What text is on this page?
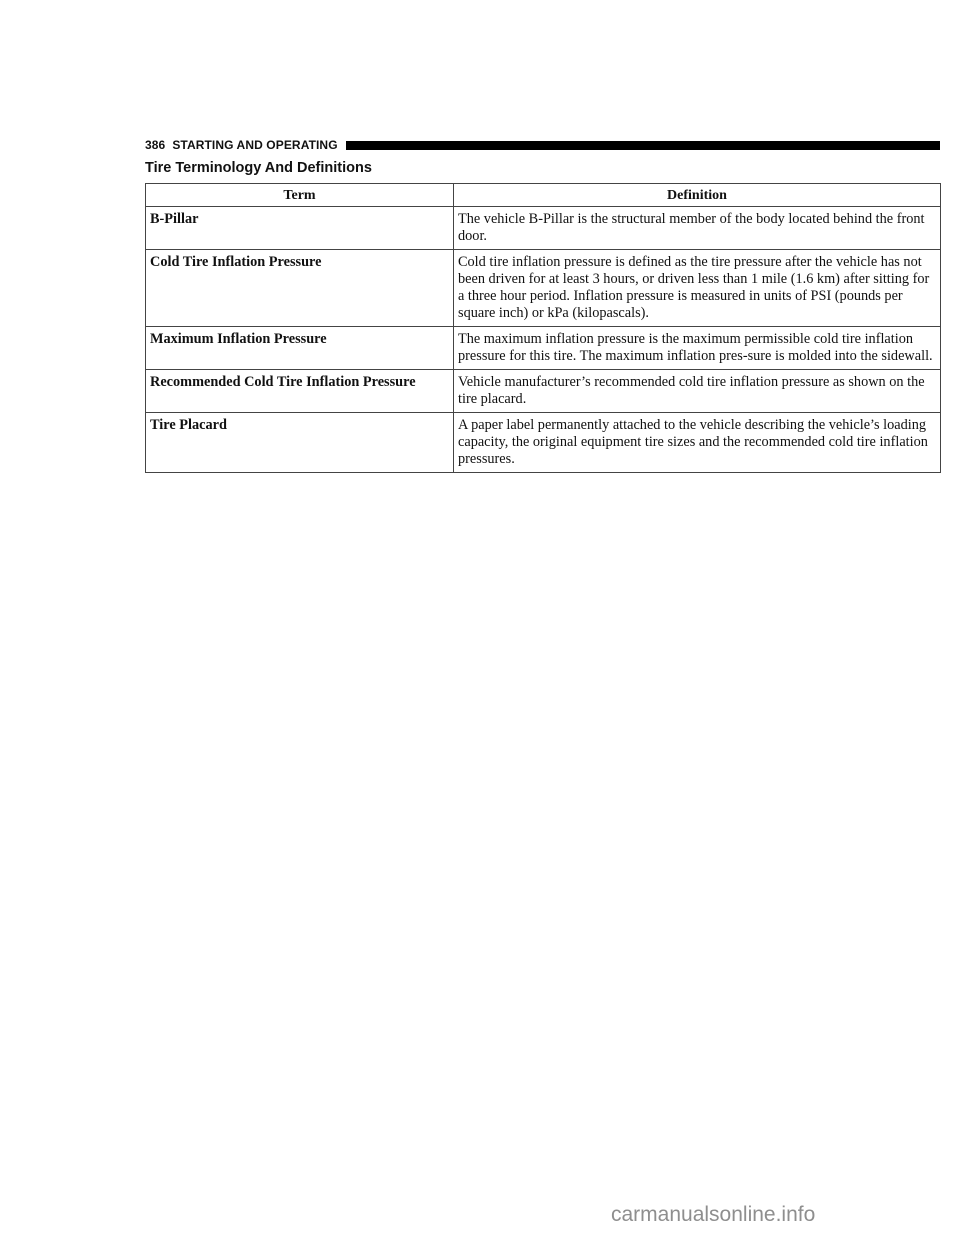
386 STARTING AND OPERATING
Tire Terminology And Definitions
Term	Definition
B-Pillar	The vehicle B-Pillar is the structural member of the body located behind the front door.
Cold Tire Inflation Pressure	Cold tire inflation pressure is defined as the tire pressure after the vehicle has not been driven for at least 3 hours, or driven less than 1 mile (1.6 km) after sitting for a three hour period. Inflation pressure is measured in units of PSI (pounds per square inch) or kPa (kilopascals).
Maximum Inflation Pressure	The maximum inflation pressure is the maximum permissible cold tire inflation pressure for this tire. The maximum inflation pres-sure is molded into the sidewall.
Recommended Cold Tire Inflation Pressure	Vehicle manufacturer’s recommended cold tire inflation pressure as shown on the tire placard.
Tire Placard	A paper label permanently attached to the vehicle describing the vehicle’s loading capacity, the original equipment tire sizes and the recommended cold tire inflation pressures.
carmanualsonline.info
